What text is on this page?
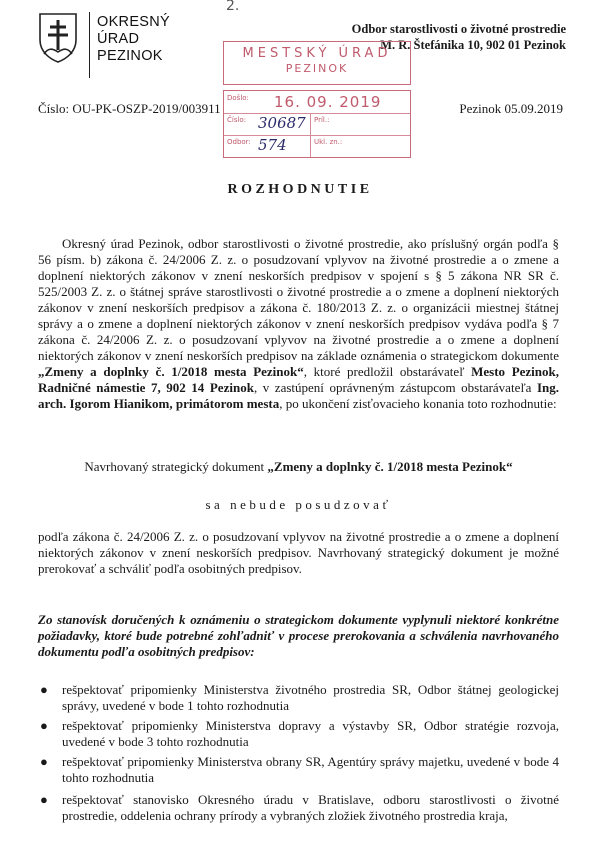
OKRESNÝ
ÚRAD
PEZINOK
2.
Odbor starostlivosti o životné prostredie
M. R. Štefánika 10, 902 01 Pezinok
MESTSKÝ ÚRAD
PEZINOK
Došlo: 16. 09. 2019
Číslo: 30687 Príl.:
Odbor: 574	Ukl. zn.:
Číslo: OU-PK-OSZP-2019/003911	Pezinok 05.09.2019
ROZHODNUTIE
Okresný úrad Pezinok, odbor starostlivosti o životné prostredie, ako príslušný orgán podľa § 56 písm. b) zákona č. 24/2006 Z. z. o posudzovaní vplyvov na životné prostredie a o zmene a doplnení niektorých zákonov v znení neskorších predpisov v spojení s § 5 zákona NR SR č. 525/2003 Z. z. o štátnej správe starostlivosti o životné prostredie a o zmene a doplnení niektorých zákonov v znení neskorších predpisov a zákona č. 180/2013 Z. z. o organizácii miestnej štátnej správy a o zmene a doplnení niektorých zákonov v znení neskorších predpisov vydáva podľa § 7 zákona č. 24/2006 Z. z. o posudzovaní vplyvov na životné prostredie a o zmene a doplnení niektorých zákonov v znení neskorších predpisov na základe oznámenia o strategickom dokumente „Zmeny a doplnky č. 1/2018 mesta Pezinok“, ktoré predložil obstarávateľ Mesto Pezinok, Radničné námestie 7, 902 14 Pezinok, v zastúpení oprávneným zástupcom obstarávateľa Ing. arch. Igorom Hianikom, primátorom mesta, po ukončení zisťovacieho konania toto rozhodnutie:
Navrhovaný strategický dokument „Zmeny a doplnky č. 1/2018 mesta Pezinok“
sa nebude posudzovať
podľa zákona č. 24/2006 Z. z. o posudzovaní vplyvov na životné prostredie a o zmene a doplnení niektorých zákonov v znení neskorších predpisov. Navrhovaný strategický dokument je možné prerokovať a schváliť podľa osobitných predpisov.
Zo stanovísk doručených k oznámeniu o strategickom dokumente vyplynuli niektoré konkrétne požiadavky, ktoré bude potrebné zohľadniť v procese prerokovania a schválenia navrhovaného dokumentu podľa osobitných predpisov:
● rešpektovať pripomienky Ministerstva životného prostredia SR, Odbor štátnej geologickej správy, uvedené v bode 1 tohto rozhodnutia
● rešpektovať pripomienky Ministerstva dopravy a výstavby SR, Odbor stratégie rozvoja, uvedené v bode 3 tohto rozhodnutia
● rešpektovať pripomienky Ministerstva obrany SR, Agentúry správy majetku, uvedené v bode 4 tohto rozhodnutia
● rešpektovať stanovisko Okresného úradu v Bratislave, odboru starostlivosti o životné prostredie, oddelenia ochrany prírody a vybraných zložiek životného prostredia kraja,
